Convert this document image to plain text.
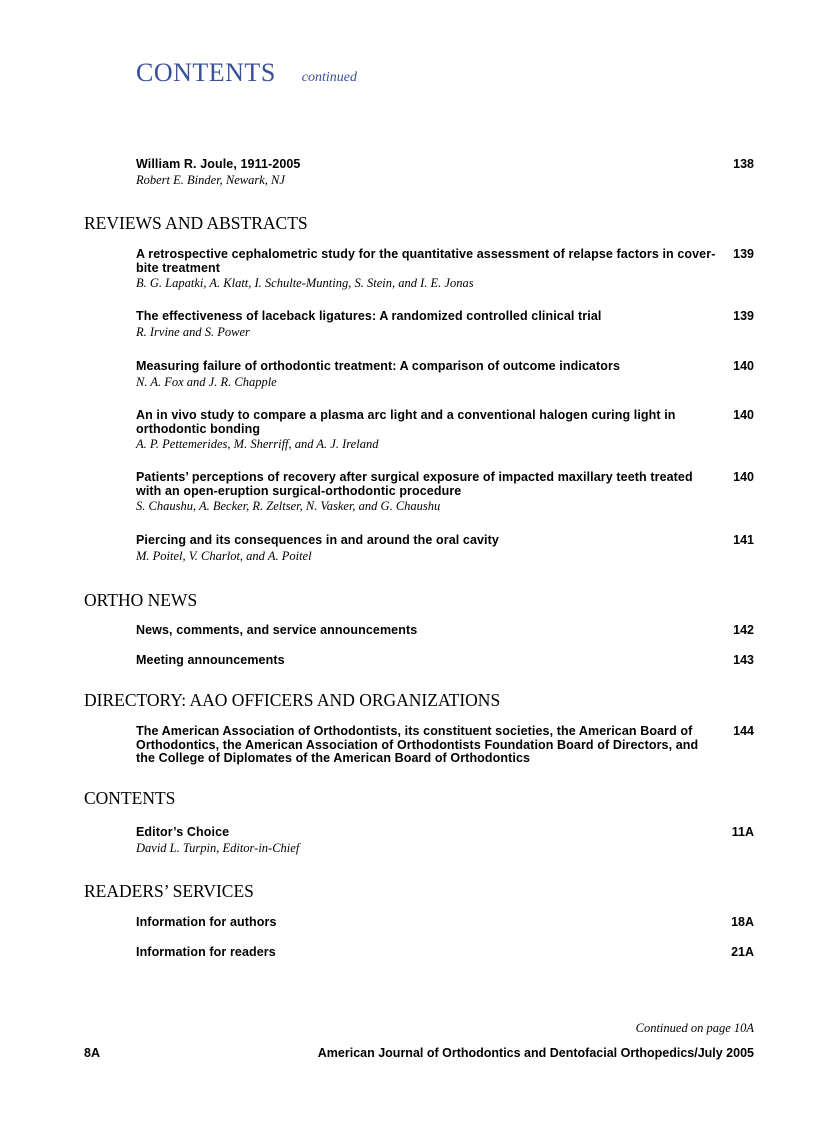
CONTENTS continued
William R. Joule, 1911-2005
Robert E. Binder, Newark, NJ
138
REVIEWS AND ABSTRACTS
A retrospective cephalometric study for the quantitative assessment of relapse factors in cover-bite treatment
B. G. Lapatki, A. Klatt, I. Schulte-Munting, S. Stein, and I. E. Jonas
139
The effectiveness of laceback ligatures: A randomized controlled clinical trial
R. Irvine and S. Power
139
Measuring failure of orthodontic treatment: A comparison of outcome indicators
N. A. Fox and J. R. Chapple
140
An in vivo study to compare a plasma arc light and a conventional halogen curing light in orthodontic bonding
A. P. Pettemerides, M. Sherriff, and A. J. Ireland
140
Patients’ perceptions of recovery after surgical exposure of impacted maxillary teeth treated with an open-eruption surgical-orthodontic procedure
S. Chaushu, A. Becker, R. Zeltser, N. Vasker, and G. Chaushu
140
Piercing and its consequences in and around the oral cavity
M. Poitel, V. Charlot, and A. Poitel
141
ORTHO NEWS
News, comments, and service announcements	142
Meeting announcements	143
DIRECTORY: AAO OFFICERS AND ORGANIZATIONS
The American Association of Orthodontists, its constituent societies, the American Board of Orthodontics, the American Association of Orthodontists Foundation Board of Directors, and the College of Diplomates of the American Board of Orthodontics
144
CONTENTS
Editor’s Choice
David L. Turpin, Editor-in-Chief
11A
READERS’ SERVICES
Information for authors	18A
Information for readers	21A
Continued on page 10A
8A	American Journal of Orthodontics and Dentofacial Orthopedics/July 2005
